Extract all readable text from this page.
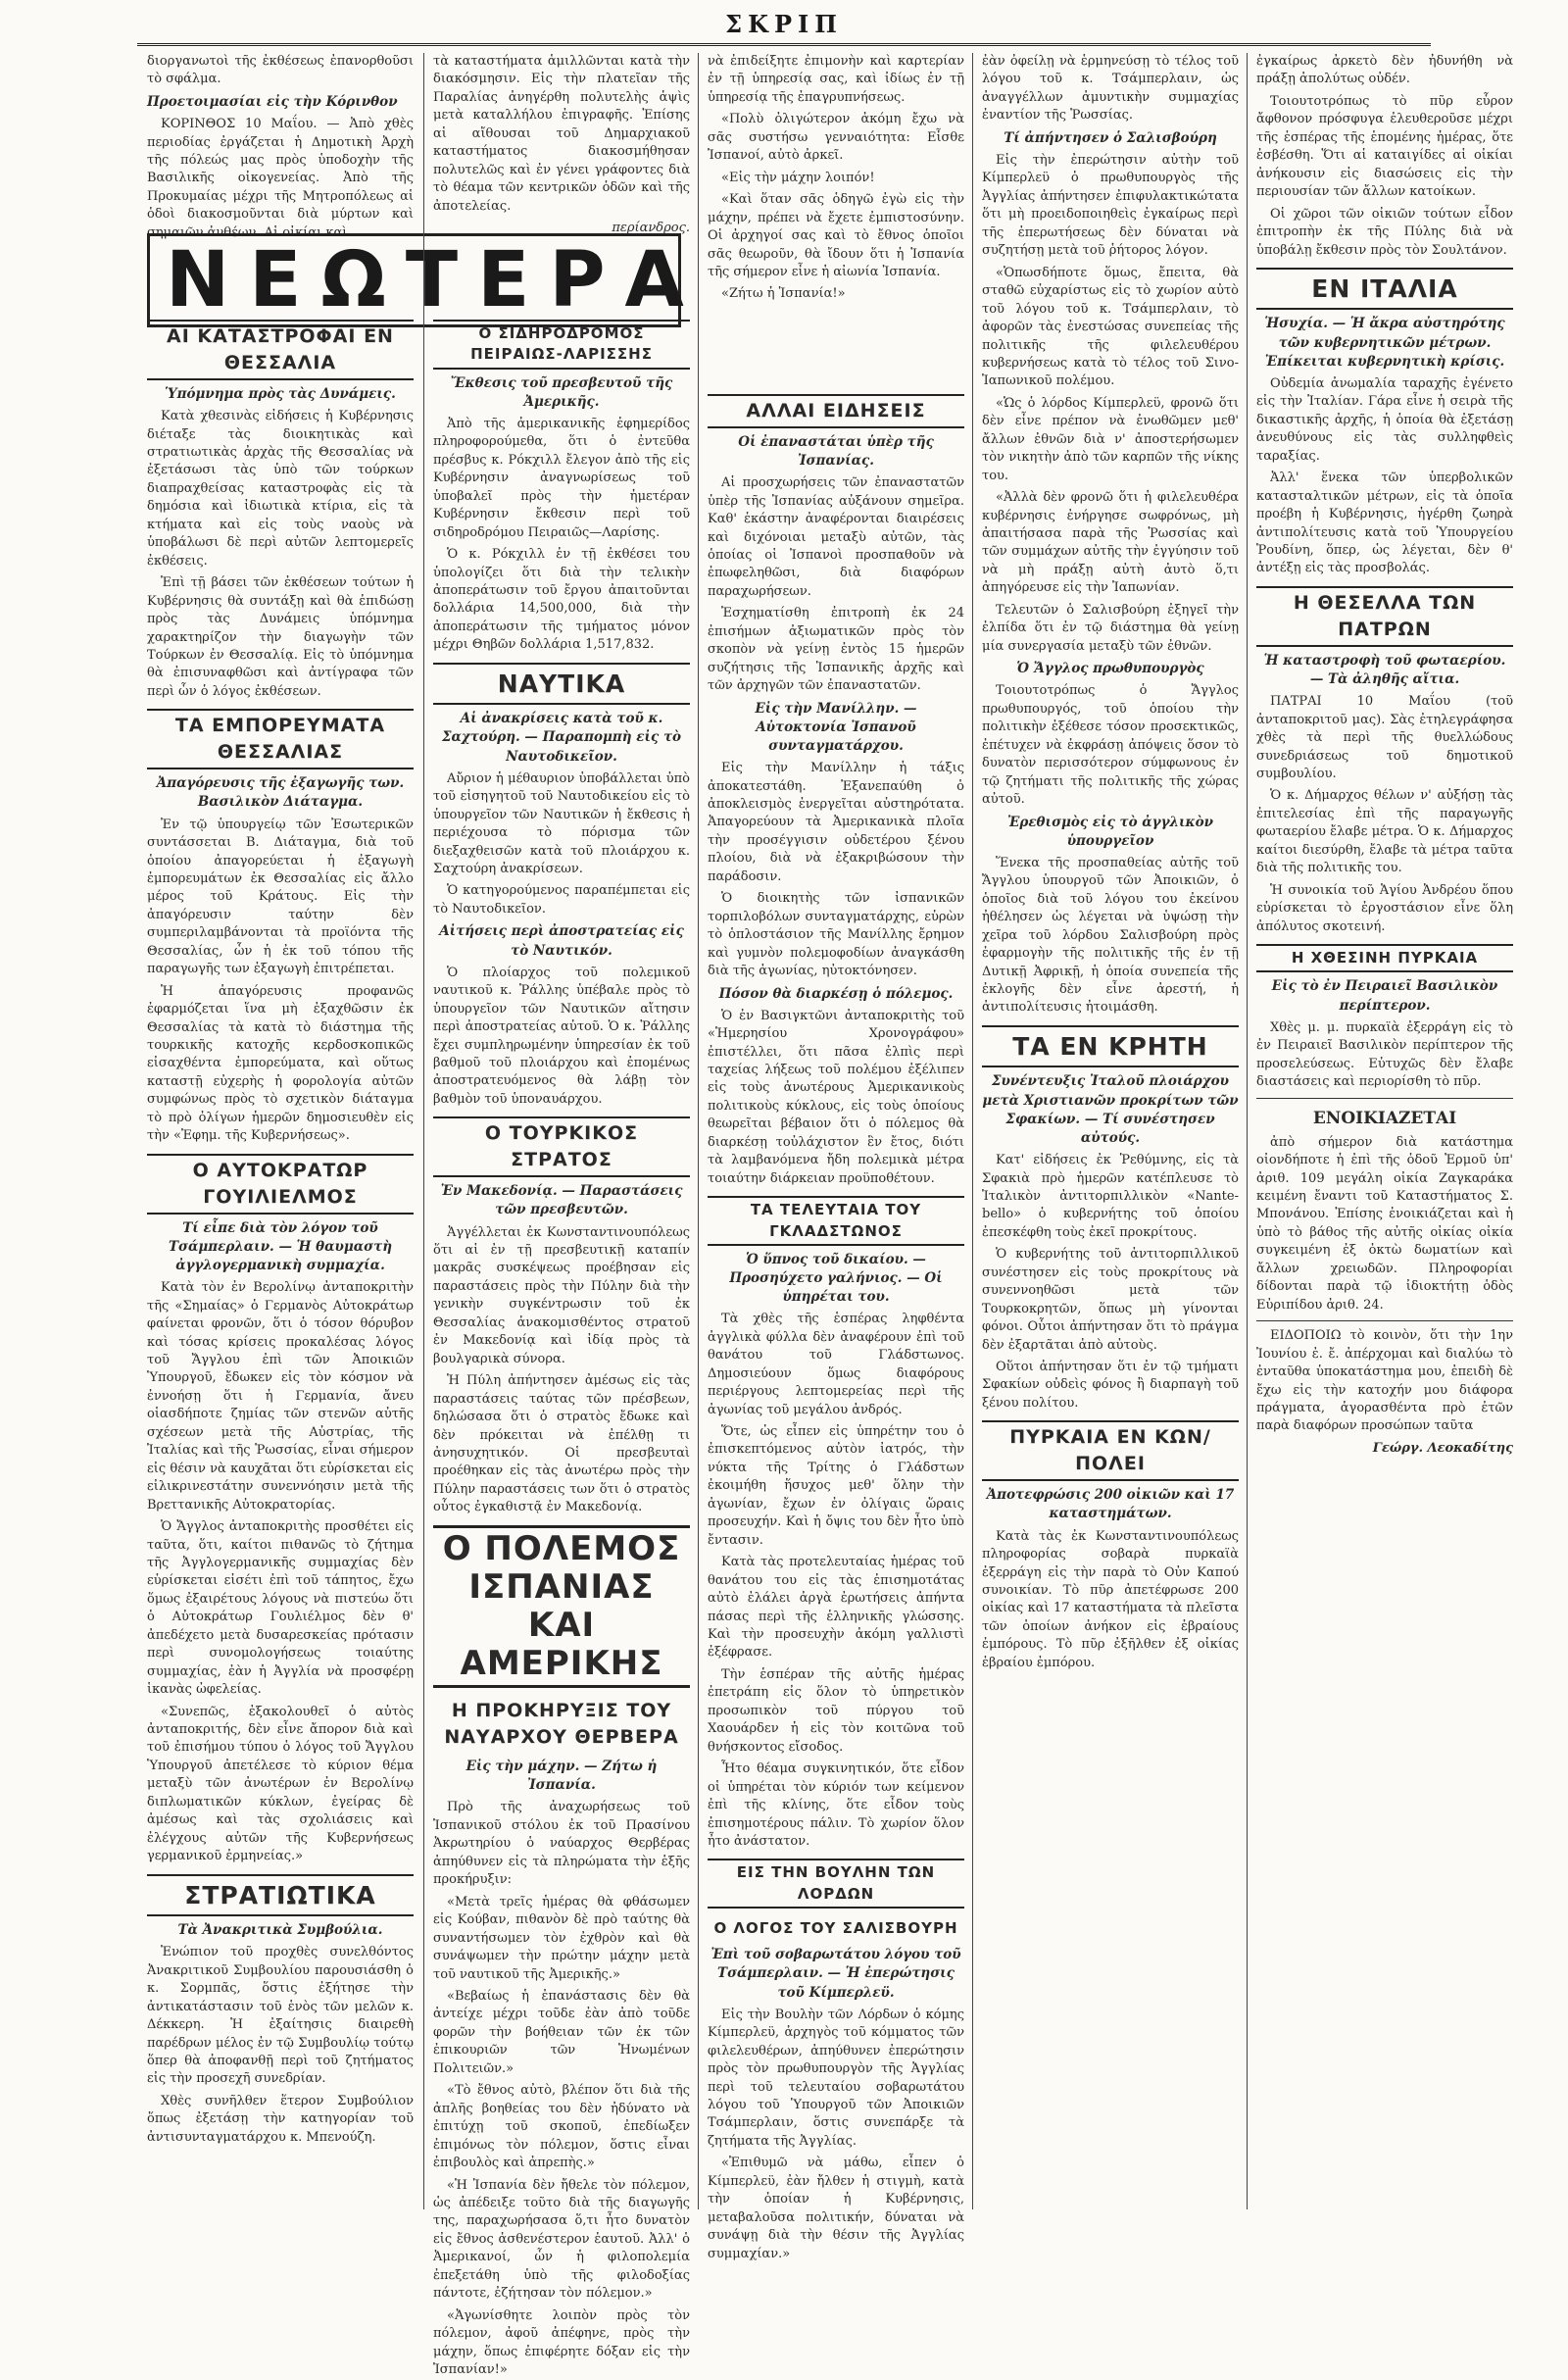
ΣΚΡΙΠ

διοργανωτοὶ τῆς ἐκθέσεως ἐπανορθοῦσι τὸ σφάλμα.

Προετοιμασίαι εἰς τὴν Κόρινθον

ΚΟΡΙΝΘΟΣ 10 Μαΐου. — Ἀπὸ χθὲς περιοδίας ἐργάζεται ἡ Δημοτικὴ Ἀρχὴ τῆς πόλεώς μας πρὸς ὑποδοχὴν τῆς Βασιλικῆς οἰκογενείας. Ἀπὸ τῆς Προκυμαίας μέχρι τῆς Μητροπόλεως αἱ ὁδοὶ διακοσμοῦνται διὰ μύρτων καὶ σημαιῶν ἀνθέων. Αἱ οἰκίαι καὶ

ΝΕΩΤΕΡΑ
ΑΙ ΚΑΤΑΣΤΡΟΦΑΙ ΕΝ ΘΕΣΣΑΛΙΑ
Ὑπόμνημα πρὸς τὰς Δυνάμεις.

Κατὰ χθεσινὰς εἰδήσεις ἡ Κυβέρνησις διέταξε τὰς διοικητικὰς καὶ στρατιωτικὰς ἀρχὰς τῆς Θεσσαλίας νὰ ἐξετάσωσι τὰς ὑπὸ τῶν τούρκων διαπραχθείσας καταστροφὰς εἰς τὰ δημόσια καὶ ἰδιωτικὰ κτίρια, εἰς τὰ κτήματα καὶ εἰς τοὺς ναοὺς νὰ ὑποβάλωσι δὲ περὶ αὐτῶν λεπτομερεῖς ἐκθέσεις.

Ἐπὶ τῇ βάσει τῶν ἐκθέσεων τούτων ἡ Κυβέρνησις θὰ συντάξῃ καὶ θὰ ἐπιδώσῃ πρὸς τὰς Δυνάμεις ὑπόμνημα χαρακτηρίζον τὴν διαγωγὴν τῶν Τούρκων ἐν Θεσσαλίᾳ. Εἰς τὸ ὑπόμνημα θὰ ἐπισυναφθῶσι καὶ ἀντίγραφα τῶν περὶ ὧν ὁ λόγος ἐκθέσεων.

ΤΑ ΕΜΠΟΡΕΥΜΑΤΑ ΘΕΣΣΑΛΙΑΣ
Ἀπαγόρευσις τῆς ἐξαγωγῆς των. Βασιλικὸν Διάταγμα.

Ἐν τῷ ὑπουργείῳ τῶν Ἐσωτερικῶν συντάσσεται Β. Διάταγμα, διὰ τοῦ ὁποίου ἀπαγορεύεται ἡ ἐξαγωγὴ ἐμπορευμάτων ἐκ Θεσσαλίας εἰς ἄλλο μέρος τοῦ Κράτους. Εἰς τὴν ἀπαγόρευσιν ταύτην δὲν συμπεριλαμβάνονται τὰ προϊόντα τῆς Θεσσαλίας, ὧν ἡ ἐκ τοῦ τόπου τῆς παραγωγῆς των ἐξαγωγὴ ἐπιτρέπεται.

Ἡ ἀπαγόρευσις προφανῶς ἐφαρμόζεται ἵνα μὴ ἐξαχθῶσιν ἐκ Θεσσαλίας τὰ κατὰ τὸ διάστημα τῆς τουρκικῆς κατοχῆς κερδοσκοπικῶς εἰσαχθέντα ἐμπορεύματα, καὶ οὕτως καταστῇ εὐχερὴς ἡ φορολογία αὐτῶν συμφώνως πρὸς τὸ σχετικὸν διάταγμα τὸ πρὸ ὀλίγων ἡμερῶν δημοσιευθὲν εἰς τὴν «Ἐφημ. τῆς Κυβερνήσεως».

Ο ΑΥΤΟΚΡΑΤΩΡ ΓΟΥΙΛΙΕΛΜΟΣ
Τί εἶπε διὰ τὸν λόγον τοῦ Τσάμπερλαιν. — Ἡ θαυμαστὴ ἀγγλογερμανικὴ συμμαχία.

Κατὰ τὸν ἐν Βερολίνῳ ἀνταποκριτὴν τῆς «Σημαίας» ὁ Γερμανὸς Αὐτοκράτωρ φαίνεται φρονῶν, ὅτι ὁ τόσον θόρυβον καὶ τόσας κρίσεις προκαλέσας λόγος τοῦ Ἄγγλου ἐπὶ τῶν Ἀποικιῶν Ὑπουργοῦ, ἔδωκεν εἰς τὸν κόσμον νὰ ἐννοήσῃ ὅτι ἡ Γερμανία, ἄνευ οἱασδήποτε ζημίας τῶν στενῶν αὐτῆς σχέσεων μετὰ τῆς Αὐστρίας, τῆς Ἰταλίας καὶ τῆς Ῥωσσίας, εἶναι σήμερον εἰς θέσιν νὰ καυχᾶται ὅτι εὑρίσκεται εἰς εἰλικρινεστάτην συνεννόησιν μετὰ τῆς Βρεττανικῆς Αὐτοκρατορίας.

Ὁ Ἄγγλος ἀνταποκριτὴς προσθέτει εἰς ταῦτα, ὅτι, καίτοι πιθανῶς τὸ ζήτημα τῆς Ἀγγλογερμανικῆς συμμαχίας δὲν εὑρίσκεται εἰσέτι ἐπὶ τοῦ τάπητος, ἔχω ὅμως ἐξαιρέτους λόγους νὰ πιστεύω ὅτι ὁ Αὐτοκράτωρ Γουλιέλμος δὲν θ' ἀπεδέχετο μετὰ δυσαρεσκείας πρότασιν περὶ συνομολογήσεως τοιαύτης συμμαχίας, ἐὰν ἡ Ἀγγλία νὰ προσφέρῃ ἱκανὰς ὠφελείας.

«Συνεπῶς, ἐξακολουθεῖ ὁ αὐτὸς ἀνταποκριτής, δὲν εἶνε ἄπορον διὰ καὶ τοῦ ἐπισήμου τύπου ὁ λόγος τοῦ Ἄγγλου Ὑπουργοῦ ἀπετέλεσε τὸ κύριον θέμα μεταξὺ τῶν ἀνωτέρων ἐν Βερολίνῳ διπλωματικῶν κύκλων, ἐγείρας δὲ ἀμέσως καὶ τὰς σχολιάσεις καὶ ἐλέγχους αὐτῶν τῆς Κυβερνήσεως γερμανικοῦ ἐρμηνείας.»

ΣΤΡΑΤΙΩΤΙΚΑ
Τὰ Ἀνακριτικὰ Συμβούλια.

Ἐνώπιον τοῦ προχθὲς συνελθόντος Ἀνακριτικοῦ Συμβουλίου παρουσιάσθη ὁ κ. Σορμπᾶς, ὅστις ἐξήτησε τὴν ἀντικατάστασιν τοῦ ἑνὸς τῶν μελῶν κ. Δέκκερη. Ἡ ἐξαίτησις διαιρεθὴ παρέδρων μέλος ἐν τῷ Συμβουλίῳ τούτῳ ὅπερ θὰ ἀποφανθῇ περὶ τοῦ ζητήματος εἰς τὴν προσεχῆ συνεδρίαν.

Χθὲς συνῆλθεν ἕτερον Συμβούλιον ὅπως ἐξετάσῃ τὴν κατηγορίαν τοῦ ἀντισυνταγματάρχου κ. Μπενούζη.

τὰ καταστήματα ἁμιλλῶνται κατὰ τὴν διακόσμησιν. Εἰς τὴν πλατεῖαν τῆς Παραλίας ἀνηγέρθη πολυτελὴς ἁψὶς μετὰ καταλλήλου ἐπιγραφῆς. Ἐπίσης αἱ αἴθουσαι τοῦ Δημαρχιακοῦ καταστήματος διακοσμήθησαν πολυτελῶς καὶ ἐν γένει γράφοντες διὰ τὸ θέαμα τῶν κεντρικῶν ὁδῶν καὶ τῆς ἀποτελείας.

περίανδρος.
Ο ΣΙΔΗΡΟΔΡΟΜΟΣ ΠΕΙΡΑΙΩΣ-ΛΑΡΙΣΣΗΣ
Ἔκθεσις τοῦ πρεσβευτοῦ τῆς Ἀμερικῆς.

Ἀπὸ τῆς ἀμερικανικῆς ἐφημερίδος πληροφορούμεθα, ὅτι ὁ ἐντεῦθα πρέσβυς κ. Ρόκχιλλ ἔλεγον ἀπὸ τῆς εἰς Κυβέρνησιν ἀναγνωρίσεως τοῦ ὑποβαλεῖ πρὸς τὴν ἡμετέραν Κυβέρνησιν ἔκθεσιν περὶ τοῦ σιδηροδρόμου Πειραιῶς—Λαρίσης.

Ὁ κ. Ρόκχιλλ ἐν τῇ ἐκθέσει του ὑπολογίζει ὅτι διὰ τὴν τελικὴν ἀποπεράτωσιν τοῦ ἔργου ἀπαιτοῦνται δολλάρια 14,500,000, διὰ τὴν ἀποπεράτωσιν τῆς τμήματος μόνον μέχρι Θηβῶν δολλάρια 1,517,832.

ΝΑΥΤΙΚΑ
Αἱ ἀνακρίσεις κατὰ τοῦ κ. Σαχτούρη. — Παραπομπὴ εἰς τὸ Ναυτοδικεῖον.

Αὔριον ἡ μέθαυριον ὑποβάλλεται ὑπὸ τοῦ εἰσηγητοῦ τοῦ Ναυτοδικείου εἰς τὸ ὑπουργεῖον τῶν Ναυτικῶν ἡ ἔκθεσις ἡ περιέχουσα τὸ πόρισμα τῶν διεξαχθεισῶν κατὰ τοῦ πλοιάρχου κ. Σαχτούρη ἀνακρίσεων.

Ὁ κατηγορούμενος παραπέμπεται εἰς τὸ Ναυτοδικεῖον.

Αἰτήσεις περὶ ἀποστρατείας εἰς τὸ Ναυτικόν.

Ὁ πλοίαρχος τοῦ πολεμικοῦ ναυτικοῦ κ. Ῥάλλης ὑπέβαλε πρὸς τὸ ὑπουργεῖον τῶν Ναυτικῶν αἴτησιν περὶ ἀποστρατείας αὐτοῦ. Ὁ κ. Ῥάλλης ἔχει συμπληρωμένην ὑπηρεσίαν ἐκ τοῦ βαθμοῦ τοῦ πλοιάρχου καὶ ἐπομένως ἀποστρατευόμενος θὰ λάβῃ τὸν βαθμὸν τοῦ ὑποναυάρχου.

Ο ΤΟΥΡΚΙΚΟΣ ΣΤΡΑΤΟΣ
Ἐν Μακεδονίᾳ. — Παραστάσεις τῶν πρεσβευτῶν.

Ἀγγέλλεται ἐκ Κωνσταντινουπόλεως ὅτι αἱ ἐν τῇ πρεσβευτικῇ καταπίν μακρᾶς συσκέψεως προέβησαν εἰς παραστάσεις πρὸς τὴν Πύλην διὰ τὴν γενικὴν συγκέντρωσιν τοῦ ἐκ Θεσσαλίας ἀνακομισθέντος στρατοῦ ἐν Μακεδονίᾳ καὶ ἰδίᾳ πρὸς τὰ βουλγαρικὰ σύνορα.

Ἡ Πύλη ἀπήντησεν ἀμέσως εἰς τὰς παραστάσεις ταύτας τῶν πρέσβεων, δηλώσασα ὅτι ὁ στρατὸς ἔδωκε καὶ δὲν πρόκειται νὰ ἐπέλθῃ τι ἀνησυχητικόν. Οἱ πρεσβευταὶ προέθηκαν εἰς τὰς ἀνωτέρω πρὸς τὴν Πύλην παραστάσεις των ὅτι ὁ στρατὸς οὗτος ἐγκαθιστᾷ ἐν Μακεδονίᾳ.

Ο ΠΟΛΕΜΟΣ ΙΣΠΑΝΙΑΣ ΚΑΙ ΑΜΕΡΙΚΗΣ
Η ΠΡΟΚΗΡΥΞΙΣ ΤΟΥ ΝΑΥΑΡΧΟΥ ΘΕΡΒΕΡΑ
Εἰς τὴν μάχην. — Ζήτω ἡ Ἰσπανία.

Πρὸ τῆς ἀναχωρήσεως τοῦ Ἰσπανικοῦ στόλου ἐκ τοῦ Πρασίνου Ἀκρωτηρίου ὁ ναύαρχος Θερβέρας ἀπηύθυνεν εἰς τὰ πληρώματα τὴν ἑξῆς προκήρυξιν:

«Μετὰ τρεῖς ἡμέρας θὰ φθάσωμεν εἰς Κούβαν, πιθανὸν δὲ πρὸ ταύτης θὰ συναντήσωμεν τὸν ἐχθρὸν καὶ θὰ συνάψωμεν τὴν πρώτην μάχην μετὰ τοῦ ναυτικοῦ τῆς Ἀμερικῆς.»

«Βεβαίως ἡ ἐπανάστασις δὲν θὰ ἀντείχε μέχρι τοῦδε ἐὰν ἀπὸ τοῦδε φορῶν τὴν βοήθειαν τῶν ἐκ τῶν ἐπικουριῶν τῶν Ἡνωμένων Πολιτειῶν.»

«Τὸ ἔθνος αὐτὸ, βλέπον ὅτι διὰ τῆς ἀπλῆς βοηθείας του δὲν ἠδύνατο νὰ ἐπιτύχῃ τοῦ σκοποῦ, ἐπεδίωξεν ἐπιμόνως τὸν πόλεμον, ὅστις εἶναι ἐπιβουλὸς καὶ ἀπρεπὴς.»

«Ἡ Ἰσπανία δὲν ἤθελε τὸν πόλεμον, ὡς ἀπέδειξε τοῦτο διὰ τῆς διαγωγῆς της, παραχωρήσασα ὅ,τι ἦτο δυνατὸν εἰς ἔθνος ἀσθενέστερον ἑαυτοῦ. Ἀλλ' ὁ Ἀμερικανοί, ὧν ἡ φιλοπολεμία ἐπεξετάθη ὑπὸ τῆς φιλοδοξίας πάντοτε, ἐζήτησαν τὸν πόλεμον.»

«Ἀγωνίσθητε λοιπὸν πρὸς τὸν πόλεμον, ἀφοῦ ἀπέφηνε, πρὸς τὴν μάχην, ὅπως ἐπιφέρητε δόξαν εἰς τὴν Ἰσπανίαν!»

νὰ ἐπιδείξητε ἐπιμονὴν καὶ καρτερίαν ἐν τῇ ὑπηρεσίᾳ σας, καὶ ἰδίως ἐν τῇ ὑπηρεσίᾳ τῆς ἐπαγρυπνήσεως.

«Πολὺ ὀλιγώτερον ἀκόμη ἔχω νὰ σᾶς συστήσω γενναιότητα: Εἶσθε Ἰσπανοί, αὐτὸ ἀρκεῖ.

«Εἰς τὴν μάχην λοιπόν!

«Καὶ ὅταν σᾶς ὁδηγῶ ἐγὼ εἰς τὴν μάχην, πρέπει νὰ ἔχετε ἐμπιστοσύνην. Οἱ ἀρχηγοί σας καὶ τὸ ἔθνος ὁποῖοι σᾶς θεωροῦν, θὰ ἴδουν ὅτι ἡ Ἰσπανία τῆς σήμερον εἶνε ἡ αἰωνία Ἰσπανία.

«Ζήτω ἡ Ἰσπανία!»

ΑΛΛΑΙ ΕΙΔΗΣΕΙΣ
Οἱ ἐπαναστάται ὑπὲρ τῆς Ἰσπανίας.

Αἱ προσχωρήσεις τῶν ἐπαναστατῶν ὑπὲρ τῆς Ἰσπανίας αὐξάνουν σημεῖρα. Καθ' ἑκάστην ἀναφέρονται διαιρέσεις καὶ διχόνοιαι μεταξὺ αὐτῶν, τὰς ὁποίας οἱ Ἰσπανοὶ προσπαθοῦν νὰ ἐπωφεληθῶσι, διὰ διαφόρων παραχωρήσεων.

Ἐσχηματίσθη ἐπιτροπὴ ἐκ 24 ἐπισήμων ἀξιωματικῶν πρὸς τὸν σκοπὸν νὰ γείνῃ ἐντὸς 15 ἡμερῶν συζήτησις τῆς Ἰσπανικῆς ἀρχῆς καὶ τῶν ἀρχηγῶν τῶν ἐπαναστατῶν.

Εἰς τὴν Μανίλλην. — Αὐτοκτονία Ἰσπανοῦ συνταγματάρχου.

Εἰς τὴν Μανίλλην ἡ τάξις ἀποκατεστάθη. Ἐξανεπαύθη ὁ ἀποκλεισμὸς ἐνεργεῖται αὐστηρότατα. Ἀπαγορεύουν τὰ Ἀμερικανικὰ πλοῖα τὴν προσέγγισιν οὐδετέρου ξένου πλοίου, διὰ νὰ ἐξακριβώσουν τὴν παράδοσιν.

Ὁ διοικητὴς τῶν ἰσπανικῶν τορπιλοβόλων συνταγματάρχης, εὑρὼν τὸ ὁπλοστάσιον τῆς Μανίλλης ἔρημον καὶ γυμνὸν πολεμοφοδίων ἀναγκάσθη διὰ τῆς ἀγωνίας, ηὐτοκτόνησεν.

Πόσον θὰ διαρκέσῃ ὁ πόλεμος.

Ὁ ἐν Βασιγκτῶνι ἀνταποκριτὴς τοῦ «Ἡμερησίου Χρονογράφου» ἐπιστέλλει, ὅτι πᾶσα ἐλπὶς περὶ ταχείας λήξεως τοῦ πολέμου ἐξέλιπεν εἰς τοὺς ἀνωτέρους Ἀμερικανικοὺς πολιτικοὺς κύκλους, εἰς τοὺς ὁποίους θεωρεῖται βέβαιον ὅτι ὁ πόλεμος θὰ διαρκέσῃ τοὐλάχιστον ἓν ἔτος, διότι τὰ λαμβανόμενα ἤδη πολεμικὰ μέτρα τοιαύτην διάρκειαν προϋποθέτουν.

ΤΑ ΤΕΛΕΥΤΑΙΑ ΤΟΥ ΓΚΛΑΔΣΤΩΝΟΣ
Ὁ ὕπνος τοῦ δικαίου. — Προσηύχετο γαλήνιος. — Οἱ ὑπηρέται του.

Τὰ χθὲς τῆς ἑσπέρας ληφθέντα ἀγγλικὰ φύλλα δὲν ἀναφέρουν ἐπὶ τοῦ θανάτου τοῦ Γλάδστωνος. Δημοσιεύουν ὅμως διαφόρους περιέργους λεπτομερείας περὶ τῆς ἀγωνίας τοῦ μεγάλου ἀνδρός.

Ὅτε, ὡς εἶπεν εἰς ὑπηρέτην του ὁ ἐπισκεπτόμενος αὐτὸν ἰατρός, τὴν νύκτα τῆς Τρίτης ὁ Γλάδστων ἐκοιμήθη ἥσυχος μεθ' ὅλην τὴν ἀγωνίαν, ἔχων ἐν ὀλίγαις ὥραις προσευχήν. Καὶ ἡ ὄψις του δὲν ἦτο ὑπὸ ἔντασιν.

Κατὰ τὰς προτελευταίας ἡμέρας τοῦ θανάτου του εἰς τὰς ἐπισημοτάτας αὐτὸ ἐλάλει ἀργὰ ἐρωτήσεις ἀπήντα πάσας περὶ τῆς ἑλληνικῆς γλώσσης. Καὶ τὴν προσευχὴν ἀκόμη γαλλιστὶ ἐξέφρασε.

Τὴν ἑσπέραν τῆς αὐτῆς ἡμέρας ἐπετράπη εἰς ὅλον τὸ ὑπηρετικὸν προσωπικὸν τοῦ πύργου τοῦ Χαουάρδεν ἡ εἰς τὸν κοιτῶνα τοῦ θνήσκοντος εἴσοδος.

Ἦτο θέαμα συγκινητικόν, ὅτε εἶδον οἱ ὑπηρέται τὸν κύριόν των κείμενον ἐπὶ τῆς κλίνης, ὅτε εἶδον τοὺς ἐπισημοτέρους πάλιν. Τὸ χωρίον ὅλον ἦτο ἀνάστατον.

ΕΙΣ ΤΗΝ ΒΟΥΛΗΝ ΤΩΝ ΛΟΡΔΩΝ
Ο ΛΟΓΟΣ ΤΟΥ ΣΑΛΙΣΒΟΥΡΗ
Ἐπὶ τοῦ σοβαρωτάτου λόγου τοῦ Τσάμπερλαιν. — Ἡ ἐπερώτησις τοῦ Κίμπερλεϋ.

Εἰς τὴν Βουλὴν τῶν Λόρδων ὁ κόμης Κίμπερλεϋ, ἀρχηγὸς τοῦ κόμματος τῶν φιλελευθέρων, ἀπηύθυνεν ἐπερώτησιν πρὸς τὸν πρωθυπουργὸν τῆς Ἀγγλίας περὶ τοῦ τελευταίου σοβαρωτάτου λόγου τοῦ Ὑπουργοῦ τῶν Ἀποικιῶν Τσάμπερλαιν, ὅστις συνεπάρξε τὰ ζητήματα τῆς Ἀγγλίας.

«Ἐπιθυμῶ νὰ μάθω, εἶπεν ὁ Κίμπερλεϋ, ἐὰν ἤλθεν ἡ στιγμὴ, κατὰ τὴν ὁποίαν ἡ Κυβέρνησις, μεταβαλοῦσα πολιτικήν, δύναται νὰ συνάψῃ διὰ τὴν θέσιν τῆς Ἀγγλίας συμμαχίαν.»

ἐὰν ὀφείλῃ νὰ ἑρμηνεύσῃ τὸ τέλος τοῦ λόγου τοῦ κ. Τσάμπερλαιν, ὡς ἀναγγέλλων ἀμυντικὴν συμμαχίας ἐναντίον τῆς Ῥωσσίας.

Τί ἀπήντησεν ὁ Σαλισβούρη

Εἰς τὴν ἐπερώτησιν αὐτὴν τοῦ Κίμπερλεϋ ὁ πρωθυπουργὸς τῆς Ἀγγλίας ἀπήντησεν ἐπιφυλακτικώτατα ὅτι μὴ προειδοποιηθεὶς ἐγκαίρως περὶ τῆς ἐπερωτήσεως δὲν δύναται νὰ συζητήσῃ μετὰ τοῦ ῥήτορος λόγον.

«Ὁπωσδήποτε ὅμως, ἔπειτα, θὰ σταθῶ εὐχαρίστως εἰς τὸ χωρίον αὐτὸ τοῦ λόγου τοῦ κ. Τσάμπερλαιν, τὸ ἀφορῶν τὰς ἐνεστώσας συνεπείας τῆς πολιτικῆς τῆς φιλελευθέρου κυβερνήσεως κατὰ τὸ τέλος τοῦ Σινο-Ἰαπωνικοῦ πολέμου.

«Ὡς ὁ λόρδος Κίμπερλεϋ, φρονῶ ὅτι δὲν εἶνε πρέπον νὰ ἐνωθῶμεν μεθ' ἄλλων ἐθνῶν διὰ ν' ἀποστερήσωμεν τὸν νικητὴν ἀπὸ τῶν καρπῶν τῆς νίκης του.

«Ἀλλὰ δὲν φρονῶ ὅτι ἡ φιλελευθέρα κυβέρνησις ἐνήργησε σωφρόνως, μὴ ἀπαιτήσασα παρὰ τῆς Ῥωσσίας καὶ τῶν συμμάχων αὐτῆς τὴν ἐγγύησιν τοῦ νὰ μὴ πράξῃ αὐτὴ ἀυτὸ ὅ,τι ἀπηγόρευσε εἰς τὴν Ἰαπωνίαν.

Τελευτῶν ὁ Σαλισβούρη ἐξηγεῖ τὴν ἐλπίδα ὅτι ἐν τῷ διάστημα θὰ γείνῃ μία συνεργασία μεταξὺ τῶν ἐθνῶν.

Ὁ Ἄγγλος πρωθυπουργὸς

Τοιουτοτρόπως ὁ Ἄγγλος πρωθυπουργός, τοῦ ὁποίου τὴν πολιτικὴν ἐξέθεσε τόσον προσεκτικῶς, ἐπέτυχεν νὰ ἐκφράσῃ ἀπόψεις ὅσον τὸ δυνατὸν περισσότερον σύμφωνους ἐν τῷ ζητήματι τῆς πολιτικῆς τῆς χώρας αὐτοῦ.

Ἐρεθισμὸς εἰς τὸ ἀγγλικὸν ὑπουργεῖον

Ἕνεκα τῆς προσπαθείας αὐτῆς τοῦ Ἄγγλου ὑπουργοῦ τῶν Ἀποικιῶν, ὁ ὁποῖος διὰ τοῦ λόγου του ἐκείνου ἠθέλησεν ὡς λέγεται νὰ ὑψώσῃ τὴν χεῖρα τοῦ λόρδου Σαλισβούρη πρὸς ἐφαρμογὴν τῆς πολιτικῆς τῆς ἐν τῇ Δυτικῇ Ἀφρικῇ, ἡ ὁποία συνεπεία τῆς ἐκλογῆς δὲν εἶνε ἀρεστή, ἡ ἀντιπολίτευσις ἠτοιμάσθη.

ΤΑ ΕΝ ΚΡΗΤΗ
Συνέντευξις Ἰταλοῦ πλοιάρχου μετὰ Χριστιανῶν προκρίτων τῶν Σφακίων. — Τί συνέστησεν αὐτούς.

Κατ' εἰδήσεις ἐκ Ῥεθύμνης, εἰς τὰ Σφακιὰ πρὸ ἡμερῶν κατέπλευσε τὸ Ἰταλικὸν ἀντιτορπιλλικὸν «Nante-bello» ὁ κυβερνήτης τοῦ ὁποίου ἐπεσκέφθη τοὺς ἐκεῖ προκρίτους.

Ὁ κυβερνήτης τοῦ ἀντιτορπιλλικοῦ συνέστησεν εἰς τοὺς προκρίτους νὰ συνεννοηθῶσι μετὰ τῶν Τουρκοκρητῶν, ὅπως μὴ γίνονται φόνοι. Οὗτοι ἀπήντησαν ὅτι τὸ πράγμα δὲν ἐξαρτᾶται ἀπὸ αὐτοὺς.

Οὕτοι ἀπήντησαν ὅτι ἐν τῷ τμήματι Σφακίων οὐδεὶς φόνος ἢ διαρπαγὴ τοῦ ξένου πολίτου.

ΠΥΡΚΑΙΑ ΕΝ ΚΩΝ/ΠΟΛΕΙ
Ἀποτεφρώσις 200 οἰκιῶν καὶ 17 καταστημάτων.

Κατὰ τὰς ἐκ Κωνσταντινουπόλεως πληροφορίας σοβαρὰ πυρκαϊὰ ἐξερράγη εἰς τὴν παρὰ τὸ Οὐν Καπού συνοικίαν. Τὸ πῦρ ἀπετέφρωσε 200 οἰκίας καὶ 17 καταστήματα τὰ πλεῖστα τῶν ὁποίων ἀνήκον εἰς ἑβραίους ἐμπόρους. Τὸ πῦρ ἐξῆλθεν ἐξ οἰκίας ἑβραίου ἐμπόρου.

ἐγκαίρως ἀρκετὸ δὲν ἠδυνήθη νὰ πράξῃ ἀπολύτως οὐδέν.

Τοιουτοτρόπως τὸ πῦρ εὗρον ἄφθονον πρόσφυγα ἐλευθεροῦσε μέχρι τῆς ἑσπέρας τῆς ἑπομένης ἡμέρας, ὅτε ἐσβέσθη. Ὅτι αἱ καταιγίδες αἱ οἰκίαι ἀνήκουσιν εἰς διασώσεις εἰς τὴν περιουσίαν τῶν ἄλλων κατοίκων.

Οἱ χῶροι τῶν οἰκιῶν τούτων εἶδον ἐπιτροπὴν ἐκ τῆς Πύλης διὰ νὰ ὑποβάλῃ ἔκθεσιν πρὸς τὸν Σουλτάνον.

ΕΝ ΙΤΑΛΙΑ
Ἡσυχία. — Ἡ ἄκρα αὐστηρότης τῶν κυβερνητικῶν μέτρων. Ἐπίκειται κυβερνητικὴ κρίσις.

Οὐδεμία ἀνωμαλία ταραχῆς ἐγένετο εἰς τὴν Ἰταλίαν. Γάρα εἶνε ἡ σειρὰ τῆς δικαστικῆς ἀρχῆς, ἡ ὁποία θὰ ἐξετάσῃ ἀνευθύνους εἰς τὰς συλληφθεὶς ταραξίας.

Ἀλλ' ἕνεκα τῶν ὑπερβολικῶν κατασταλτικῶν μέτρων, εἰς τὰ ὁποῖα προέβη ἡ Κυβέρνησις, ἠγέρθη ζωηρὰ ἀντιπολίτευσις κατὰ τοῦ Ὑπουργείου Ῥουδίνη, ὅπερ, ὡς λέγεται, δὲν θ' ἀντέξῃ εἰς τὰς προσβολάς.

Η ΘΕΣΕΛΛΑ ΤΩΝ ΠΑΤΡΩΝ
Ἡ καταστροφὴ τοῦ φωταερίου. — Τὰ ἀληθῆς αἴτια.

ΠΑΤΡΑΙ 10 Μαΐου (τοῦ ἀνταποκριτοῦ μας). Σὰς ἐτηλεγράφησα χθὲς τὰ περὶ τῆς θυελλώδους συνεδριάσεως τοῦ δημοτικοῦ συμβουλίου.

Ὁ κ. Δήμαρχος θέλων ν' αὐξήσῃ τὰς ἐπιτελεσίας ἐπὶ τῆς παραγωγῆς φωταερίου ἔλαβε μέτρα. Ὁ κ. Δήμαρχος καίτοι διεσύρθη, ἔλαβε τὰ μέτρα ταῦτα διὰ τῆς πολιτικῆς του.

Ἡ συνοικία τοῦ Ἁγίου Ἀνδρέου ὅπου εὑρίσκεται τὸ ἐργοστάσιον εἶνε ὅλη ἀπόλυτος σκοτεινή.

Η ΧΘΕΣΙΝΗ ΠΥΡΚΑΙΑ
Εἰς τὸ ἐν Πειραιεῖ Βασιλικὸν περίπτερον.

Χθὲς μ. μ. πυρκαϊὰ ἐξερράγη εἰς τὸ ἐν Πειραιεῖ Βασιλικὸν περίπτερον τῆς προσελεύσεως. Εὐτυχῶς δὲν ἔλαβε διαστάσεις καὶ περιορίσθη τὸ πῦρ.

ΕΝΟΙΚΙΑΖΕΤΑΙ

ἀπὸ σήμερον διὰ κατάστημα οἰονδήποτε ἡ ἐπὶ τῆς ὁδοῦ Ἑρμοῦ ὑπ' ἀριθ. 109 μεγάλη οἰκία Ζαγκαράκα κειμένη ἔναντι τοῦ Καταστήματος Σ. Μπονάνου. Ἐπίσης ἐνοικιάζεται καὶ ἡ ὑπὸ τὸ βάθος τῆς αὐτῆς οἰκίας οἰκία συγκειμένη ἐξ ὀκτὼ δωματίων καὶ ἄλλων χρειωδῶν. Πληροφορίαι δίδονται παρὰ τῷ ἰδιοκτήτῃ ὁδὸς Εὐριπίδου ἀριθ. 24.

ΕΙΔΟΠΟΙΩ τὸ κοινὸν, ὅτι τὴν 1ην Ἰουνίου ἐ. ἔ. ἀπέρχομαι καὶ διαλύω τὸ ἐνταῦθα ὑποκατάστημα μου, ἐπειδὴ δὲ ἔχω εἰς τὴν κατοχήν μου διάφορα πράγματα, ἀγορασθέντα πρὸ ἐτῶν παρὰ διαφόρων προσώπων ταῦτα

Γεώργ. Λεοκαδίτης
